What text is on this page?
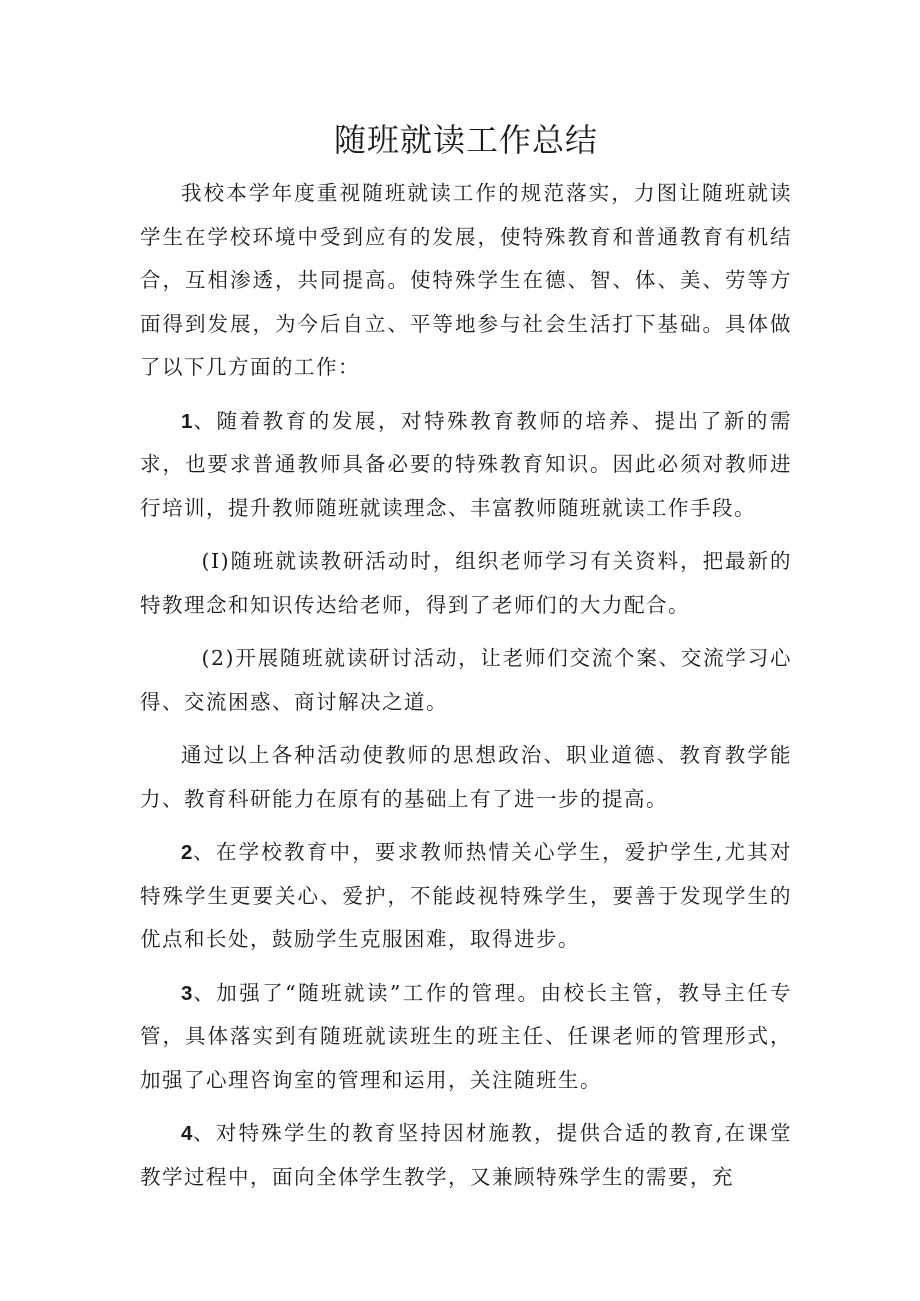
随班就读工作总结

我校本学年度重视随班就读工作的规范落实，力图让随班就读学生在学校环境中受到应有的发展，使特殊教育和普通教育有机结合，互相渗透，共同提高。使特殊学生在德、智、体、美、劳等方面得到发展，为今后自立、平等地参与社会生活打下基础。具体做了以下几方面的工作：

1、随着教育的发展，对特殊教育教师的培养、提出了新的需求，也要求普通教师具备必要的特殊教育知识。因此必须对教师进行培训，提升教师随班就读理念、丰富教师随班就读工作手段。

(I)随班就读教研活动时，组织老师学习有关资料，把最新的特教理念和知识传达给老师，得到了老师们的大力配合。

(2)开展随班就读研讨活动，让老师们交流个案、交流学习心得、交流困惑、商讨解决之道。

通过以上各种活动使教师的思想政治、职业道德、教育教学能力、教育科研能力在原有的基础上有了进一步的提高。

2、在学校教育中，要求教师热情关心学生，爱护学生,尤其对特殊学生更要关心、爱护，不能歧视特殊学生，要善于发现学生的优点和长处，鼓励学生克服困难，取得进步。

3、加强了“随班就读”工作的管理。由校长主管，教导主任专管，具体落实到有随班就读班生的班主任、任课老师的管理形式，加强了心理咨询室的管理和运用，关注随班生。

4、对特殊学生的教育坚持因材施教，提供合适的教育,在课堂教学过程中，面向全体学生教学，又兼顾特殊学生的需要，充
